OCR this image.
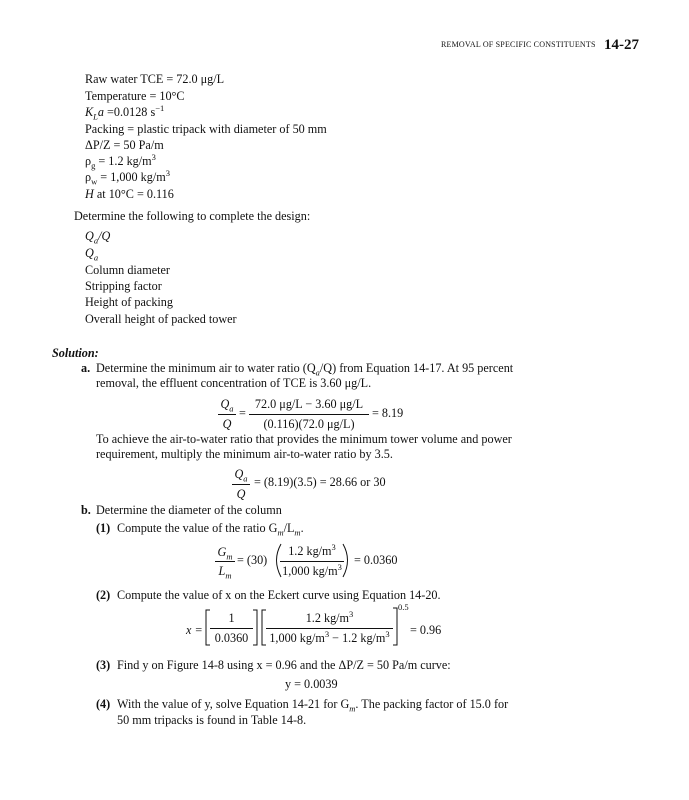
REMOVAL OF SPECIFIC CONSTITUENTS 14-27
Raw water TCE = 72.0 μg/L
Temperature = 10°C
$K_La =0.0128$ $s^{-1}$
Packing = plastic tripack with diameter of 50 mm
ΔP/Z = 50 Pa/m
$\rho_g = 1.2$ $kg/m^3$
$\rho_w = 1,000$ $kg/m^3$
H at 10°C = 0.116
Determine the following to complete the design:
$Q_a/Q$
$Q_a$
Column diameter
Stripping factor
Height of packing
Overall height of packed tower
Solution:
a. Determine the minimum air to water ratio $(Q_a/Q)$ from Equation 14-17. At 95 percent
removal, the effluent concentration of TCE is 3.60 μg/L.
$Q_a$
Q
=
72.0 μg/L − 3.60 μg/L
(0.116)(72.0 μg/L)
= 8.19
To achieve the air-to-water ratio that provides the minimum tower volume and power
requirement, multiply the minimum air-to-water ratio by 3.5.
$Q_a$
Q
= (8.19)(3.5) = 28.66 or 30
b. Determine the diameter of the column
(1) Compute the value of the ratio $G_m/L_m$.
$G_m$
$L_m$
= (30)
1.2 $kg/m^3$
1,000 $kg/m^3 = 0.0360$
(2) Compute the value of x on the Eckert curve using Equation 14-20.
x =
1
0.0360
1.2 $kg/m^3$
1,000 $kg/m^3 - 1.2$ $kg/m^3$
0.5
= 0.96
(3) Find y on Figure 14-8 using x = 0.96 and the ΔP/Z = 50 Pa/m curve:
y = 0.0039
(4) With the value of y, solve Equation 14-21 for $G_m$. The packing factor of 15.0 for
50 mm tripacks is found in Table 14-8.
